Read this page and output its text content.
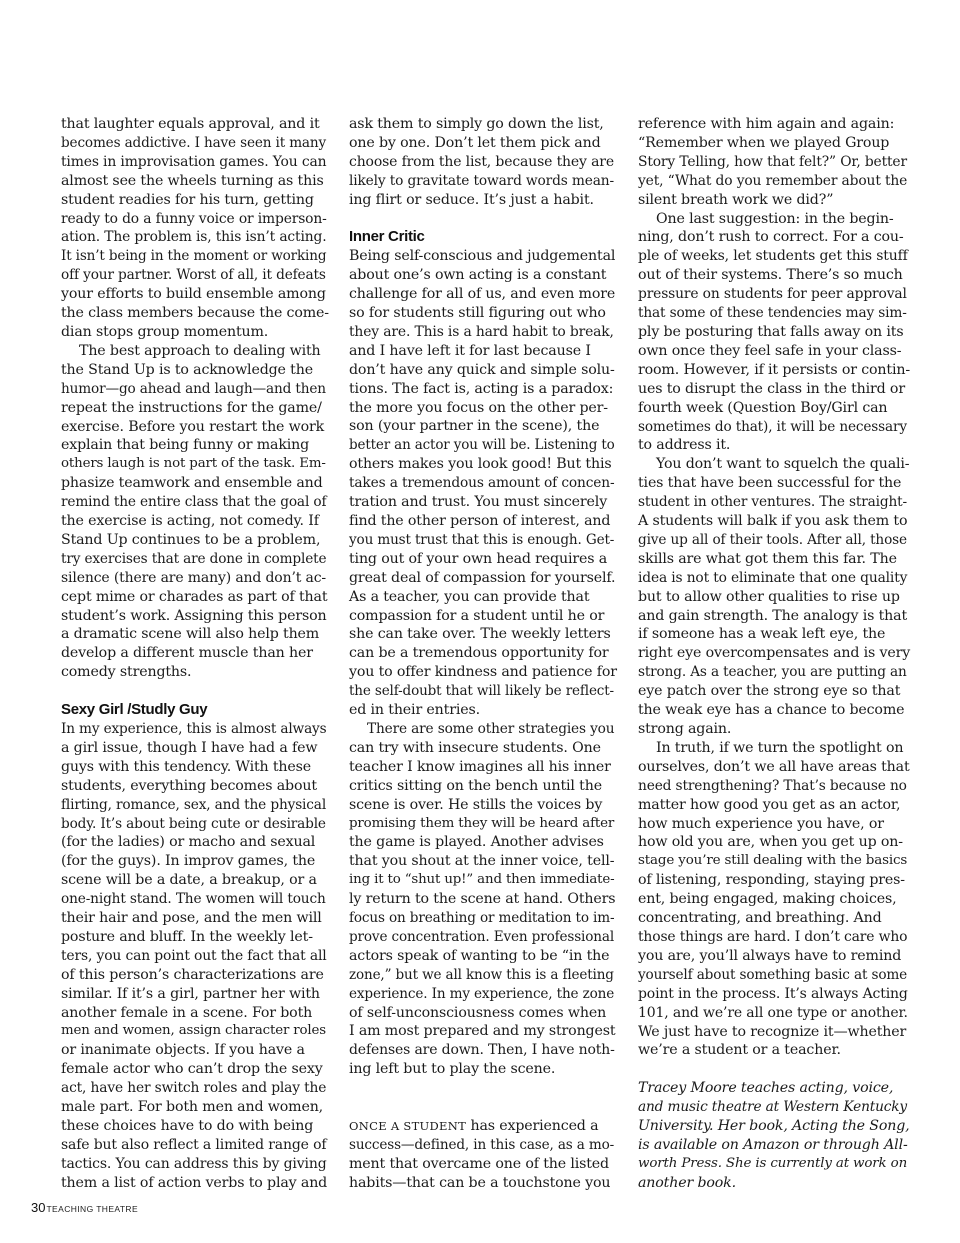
that laughter equals approval, and it
becomes addictive. I have seen it many
times in improvisation games. You can
almost see the wheels turning as this
student readies for his turn, getting
ready to do a funny voice or imperson-
ation. The problem is, this isn’t acting.
It isn’t being in the moment or working
off your partner. Worst of all, it defeats
your efforts to build ensemble among
the class members because the come-
dian stops group momentum.
The best approach to dealing with
the Stand Up is to acknowledge the
humor—go ahead and laugh—and then
repeat the instructions for the game/
exercise. Before you restart the work
explain that being funny or making
others laugh is not part of the task. Em-
phasize teamwork and ensemble and
remind the entire class that the goal of
the exercise is acting, not comedy. If
Stand Up continues to be a problem,
try exercises that are done in complete
silence (there are many) and don’t ac-
cept mime or charades as part of that
student’s work. Assigning this person
a dramatic scene will also help them
develop a different muscle than her
comedy strengths.
Sexy Girl /Studly Guy
In my experience, this is almost always
a girl issue, though I have had a few
guys with this tendency. With these
students, everything becomes about
flirting, romance, sex, and the physical
body. It’s about being cute or desirable
(for the ladies) or macho and sexual
(for the guys). In improv games, the
scene will be a date, a breakup, or a
one-night stand. The women will touch
their hair and pose, and the men will
posture and bluff. In the weekly let-
ters, you can point out the fact that all
of this person’s characterizations are
similar. If it’s a girl, partner her with
another female in a scene. For both
men and women, assign character roles
or inanimate objects. If you have a
female actor who can’t drop the sexy
act, have her switch roles and play the
male part. For both men and women,
these choices have to do with being
safe but also reflect a limited range of
tactics. You can address this by giving
them a list of action verbs to play and
ask them to simply go down the list,
one by one. Don’t let them pick and
choose from the list, because they are
likely to gravitate toward words mean-
ing flirt or seduce. It’s just a habit.
Inner Critic
Being self-conscious and judgemental
about one’s own acting is a constant
challenge for all of us, and even more
so for students still figuring out who
they are. This is a hard habit to break,
and I have left it for last because I
don’t have any quick and simple solu-
tions. The fact is, acting is a paradox:
the more you focus on the other per-
son (your partner in the scene), the
better an actor you will be. Listening to
others makes you look good! But this
takes a tremendous amount of concen-
tration and trust. You must sincerely
find the other person of interest, and
you must trust that this is enough. Get-
ting out of your own head requires a
great deal of compassion for yourself.
As a teacher, you can provide that
compassion for a student until he or
she can take over. The weekly letters
can be a tremendous opportunity for
you to offer kindness and patience for
the self-doubt that will likely be reflect-
ed in their entries.
There are some other strategies you
can try with insecure students. One
teacher I know imagines all his inner
critics sitting on the bench until the
scene is over. He stills the voices by
promising them they will be heard after
the game is played. Another advises
that you shout at the inner voice, tell-
ing it to “shut up!” and then immediate-
ly return to the scene at hand. Others
focus on breathing or meditation to im-
prove concentration. Even professional
actors speak of wanting to be “in the
zone,” but we all know this is a fleeting
experience. In my experience, the zone
of self-unconsciousness comes when
I am most prepared and my strongest
defenses are down. Then, I have noth-
ing left but to play the scene.
ONCE A STUDENT has experienced a
success—defined, in this case, as a mo-
ment that overcame one of the listed
habits—that can be a touchstone you
reference with him again and again:
“Remember when we played Group
Story Telling, how that felt?” Or, better
yet, “What do you remember about the
silent breath work we did?”
One last suggestion: in the begin-
ning, don’t rush to correct. For a cou-
ple of weeks, let students get this stuff
out of their systems. There’s so much
pressure on students for peer approval
that some of these tendencies may sim-
ply be posturing that falls away on its
own once they feel safe in your class-
room. However, if it persists or contin-
ues to disrupt the class in the third or
fourth week (Question Boy/Girl can
sometimes do that), it will be necessary
to address it.
You don’t want to squelch the quali-
ties that have been successful for the
student in other ventures. The straight-
A students will balk if you ask them to
give up all of their tools. After all, those
skills are what got them this far. The
idea is not to eliminate that one quality
but to allow other qualities to rise up
and gain strength. The analogy is that
if someone has a weak left eye, the
right eye overcompensates and is very
strong. As a teacher, you are putting an
eye patch over the strong eye so that
the weak eye has a chance to become
strong again.
In truth, if we turn the spotlight on
ourselves, don’t we all have areas that
need strengthening? That’s because no
matter how good you get as an actor,
how much experience you have, or
how old you are, when you get up on-
stage you’re still dealing with the basics
of listening, responding, staying pres-
ent, being engaged, making choices,
concentrating, and breathing. And
those things are hard. I don’t care who
you are, you’ll always have to remind
yourself about something basic at some
point in the process. It’s always Acting
101, and we’re all one type or another.
We just have to recognize it—whether
we’re a student or a teacher.
Tracey Moore teaches acting, voice,
and music theatre at Western Kentucky
University. Her book, Acting the Song,
is available on Amazon or through All-
worth Press. She is currently at work on
another book.
30TEACHING THEATRE
